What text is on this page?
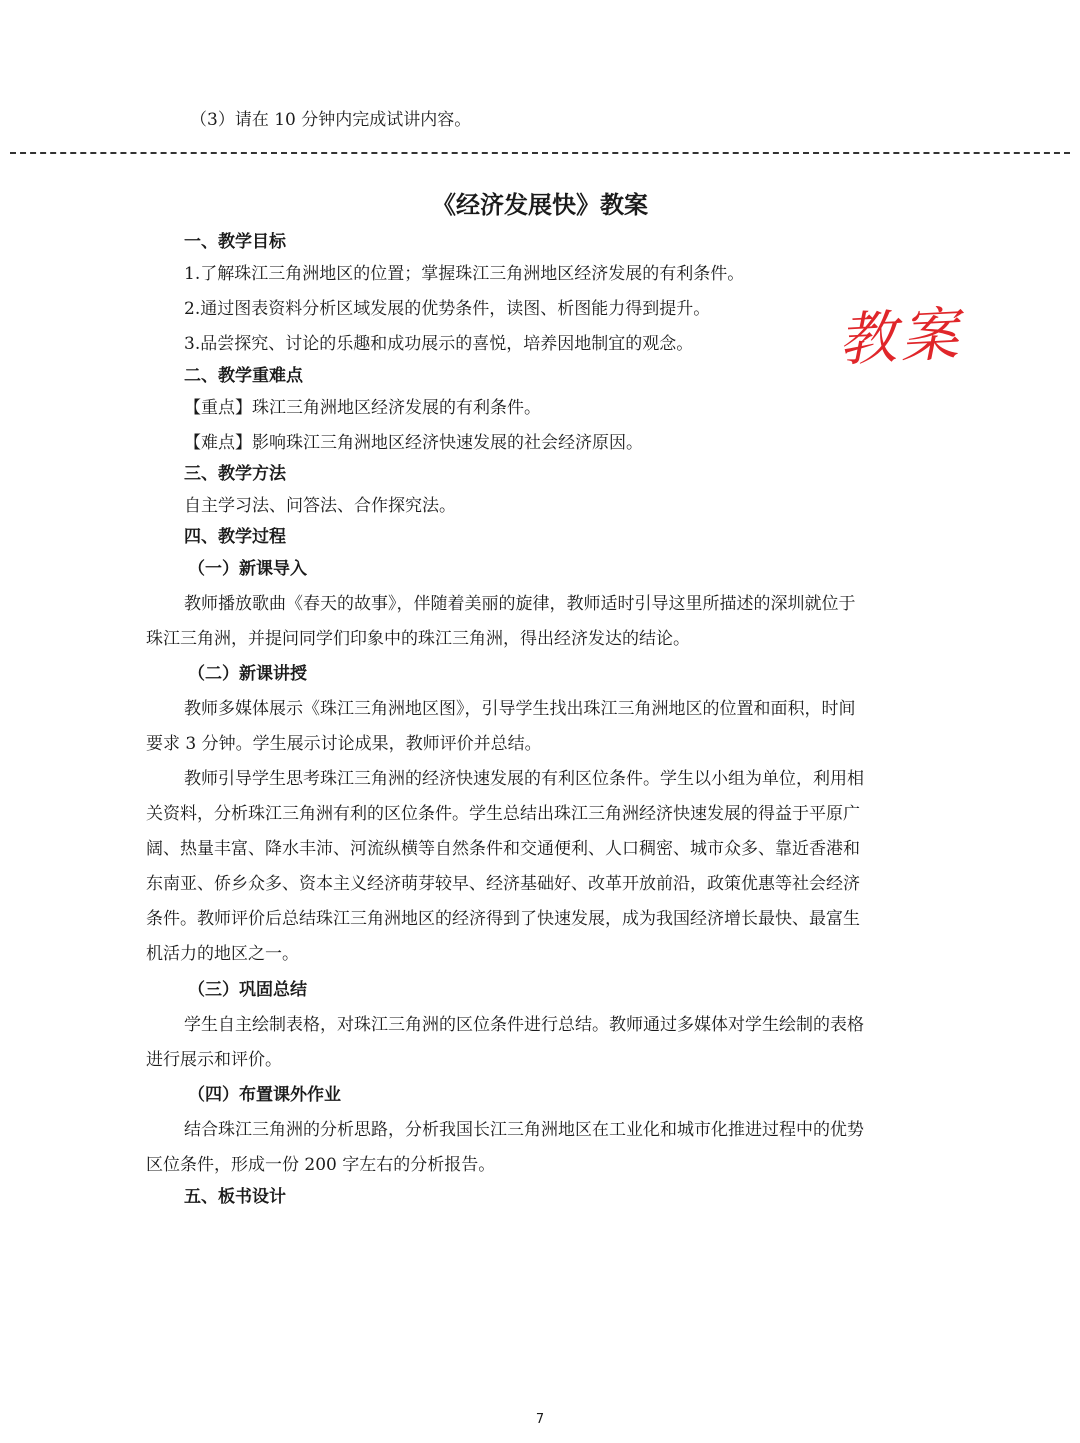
（3）请在 10 分钟内完成试讲内容。
《经济发展快》教案
教案
一、教学目标
1.了解珠江三角洲地区的位置；掌握珠江三角洲地区经济发展的有利条件。
2.通过图表资料分析区域发展的优势条件，读图、析图能力得到提升。
3.品尝探究、讨论的乐趣和成功展示的喜悦，培养因地制宜的观念。
二、教学重难点
【重点】珠江三角洲地区经济发展的有利条件。
【难点】影响珠江三角洲地区经济快速发展的社会经济原因。
三、教学方法
自主学习法、问答法、合作探究法。
四、教学过程
（一）新课导入
教师播放歌曲《春天的故事》，伴随着美丽的旋律，教师适时引导这里所描述的深圳就位于
珠江三角洲，并提问同学们印象中的珠江三角洲，得出经济发达的结论。
（二）新课讲授
教师多媒体展示《珠江三角洲地区图》，引导学生找出珠江三角洲地区的位置和面积，时间
要求 3 分钟。学生展示讨论成果，教师评价并总结。
教师引导学生思考珠江三角洲的经济快速发展的有利区位条件。学生以小组为单位，利用相
关资料，分析珠江三角洲有利的区位条件。学生总结出珠江三角洲经济快速发展的得益于平原广
阔、热量丰富、降水丰沛、河流纵横等自然条件和交通便利、人口稠密、城市众多、靠近香港和
东南亚、侨乡众多、资本主义经济萌芽较早、经济基础好、改革开放前沿，政策优惠等社会经济
条件。教师评价后总结珠江三角洲地区的经济得到了快速发展，成为我国经济增长最快、最富生
机活力的地区之一。
（三）巩固总结
学生自主绘制表格，对珠江三角洲的区位条件进行总结。教师通过多媒体对学生绘制的表格
进行展示和评价。
（四）布置课外作业
结合珠江三角洲的分析思路，分析我国长江三角洲地区在工业化和城市化推进过程中的优势
区位条件，形成一份 200 字左右的分析报告。
五、板书设计
7
